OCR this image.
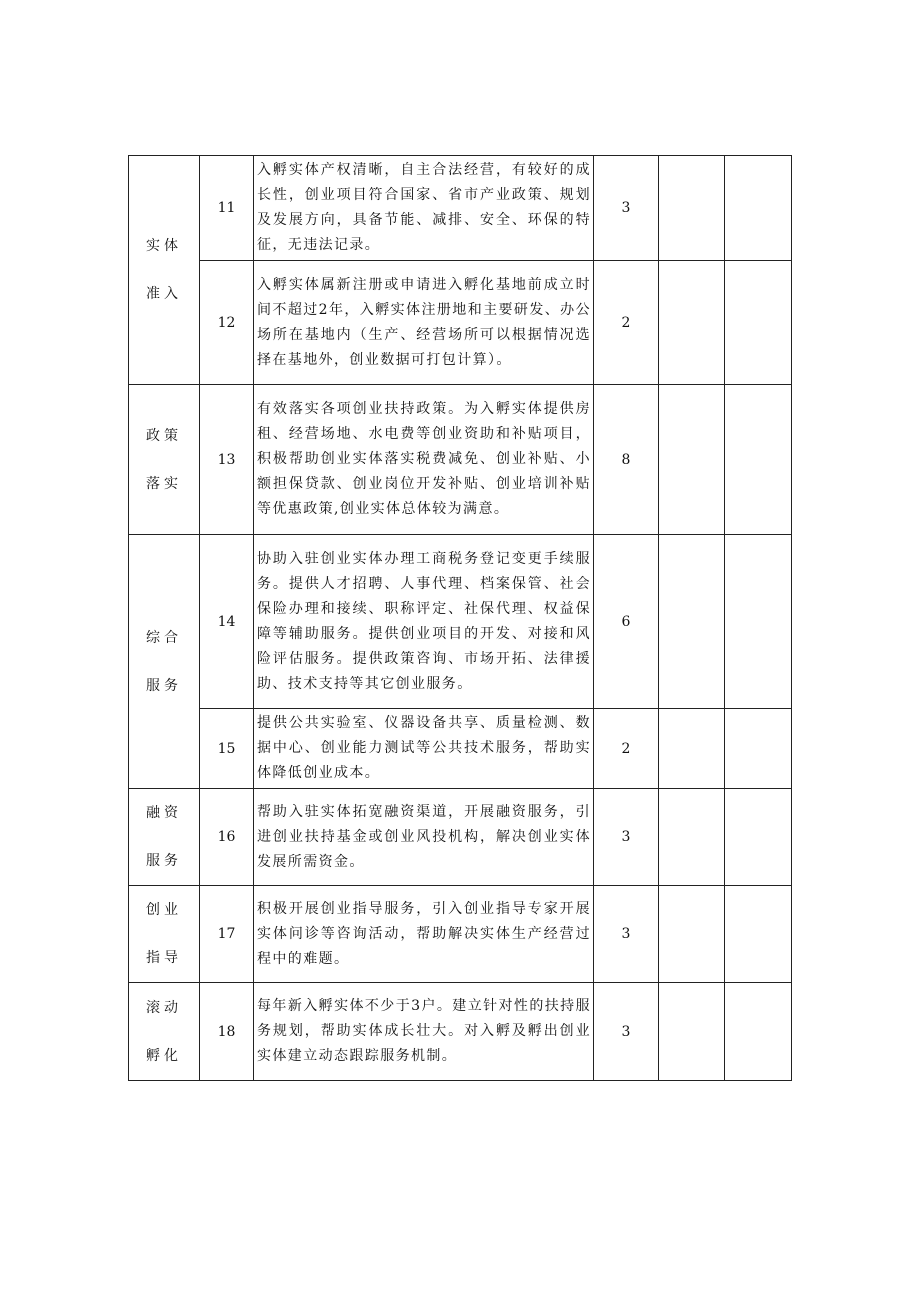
实体
准入	11	入孵实体产权清晰，自主合法经营，有较好的成长性，创业项目符合国家、省市产业政策、规划及发展方向，具备节能、减排、安全、环保的特征，无违法记录。	3		
	12	入孵实体属新注册或申请进入孵化基地前成立时间不超过2年，入孵实体注册地和主要研发、办公场所在基地内（生产、经营场所可以根据情况选择在基地外，创业数据可打包计算）。	2		

政策
落实	13	有效落实各项创业扶持政策。为入孵实体提供房租、经营场地、水电费等创业资助和补贴项目，积极帮助创业实体落实税费减免、创业补贴、小额担保贷款、创业岗位开发补贴、创业培训补贴等优惠政策,创业实体总体较为满意。	8		

综合
服务	14	协助入驻创业实体办理工商税务登记变更手续服务。提供人才招聘、人事代理、档案保管、社会保险办理和接续、职称评定、社保代理、权益保障等辅助服务。提供创业项目的开发、对接和风险评估服务。提供政策咨询、市场开拓、法律援助、技术支持等其它创业服务。	6		
	15	提供公共实验室、仪器设备共享、质量检测、数据中心、创业能力测试等公共技术服务，帮助实体降低创业成本。	2		

融资
服务	16	帮助入驻实体拓宽融资渠道，开展融资服务，引进创业扶持基金或创业风投机构，解决创业实体发展所需资金。	3		

创业
指导	17	积极开展创业指导服务，引入创业指导专家开展实体问诊等咨询活动，帮助解决实体生产经营过程中的难题。	3		

滚动
孵化	18	每年新入孵实体不少于3户。建立针对性的扶持服务规划，帮助实体成长壮大。对入孵及孵出创业实体建立动态跟踪服务机制。	3		
